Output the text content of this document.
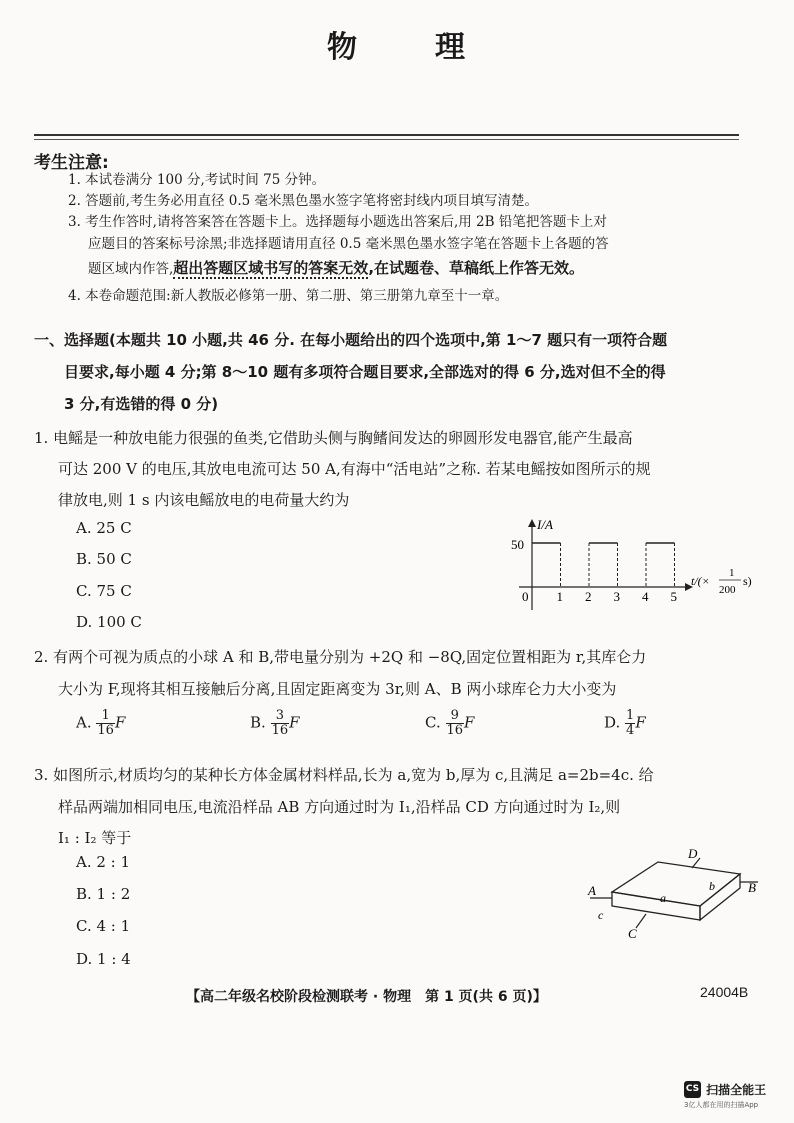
物	理
考生注意:
1. 本试卷满分 100 分,考试时间 75 分钟。
2. 答题前,考生务必用直径 0.5 毫米黑色墨水签字笔将密封线内项目填写清楚。
3. 考生作答时,请将答案答在答题卡上。选择题每小题选出答案后,用 2B 铅笔把答题卡上对
应题目的答案标号涂黑;非选择题请用直径 0.5 毫米黑色墨水签字笔在答题卡上各题的答
题区域内作答,超出答题区域书写的答案无效,在试题卷、草稿纸上作答无效。
4. 本卷命题范围:新人教版必修第一册、第二册、第三册第九章至十一章。
一、选择题(本题共 10 小题,共 46 分. 在每小题给出的四个选项中,第 1～7 题只有一项符合题
目要求,每小题 4 分;第 8～10 题有多项符合题目要求,全部选对的得 6 分,选对但不全的得
3 分,有选错的得 0 分)
1. 电鳐是一种放电能力很强的鱼类,它借助头侧与胸鳍间发达的卵圆形发电器官,能产生最高
可达 200 V 的电压,其放电电流可达 50 A,有海中“活电站”之称. 若某电鳐按如图所示的规
律放电,则 1 s 内该电鳐放电的电荷量大约为
A. 25 C
B. 50 C
C. 75 C
D. 100 C
I/A
50
0 1 2 3 4 5
t/(×
1
200
s)
2. 有两个可视为质点的小球 A 和 B,带电量分别为 +2Q 和 −8Q,固定位置相距为 r,其库仑力
大小为 F,现将其相互接触后分离,且固定距离变为 3r,则 A、B 两小球库仑力大小变为
A. $\frac{1}{16}$ F	B. $\frac{3}{16}$ F	C. $\frac{9}{16}$ F	D. $\frac{1}{4}$ F
3. 如图所示,材质均匀的某种长方体金属材料样品,长为 a,宽为 b,厚为 c,且满足 a=2b=4c. 给
样品两端加相同电压,电流沿样品 AB 方向通过时为 I₁,沿样品 CD 方向通过时为 I₂,则
I₁ : I₂ 等于
A. 2 : 1
B. 1 : 2
C. 4 : 1
D. 1 : 4
A	B
D
C
a
b
c
【高二年级名校阶段检测联考 · 物理　第 1 页(共 6 页)】	24004B
CS 扫描全能王
3亿人都在用的扫描App
